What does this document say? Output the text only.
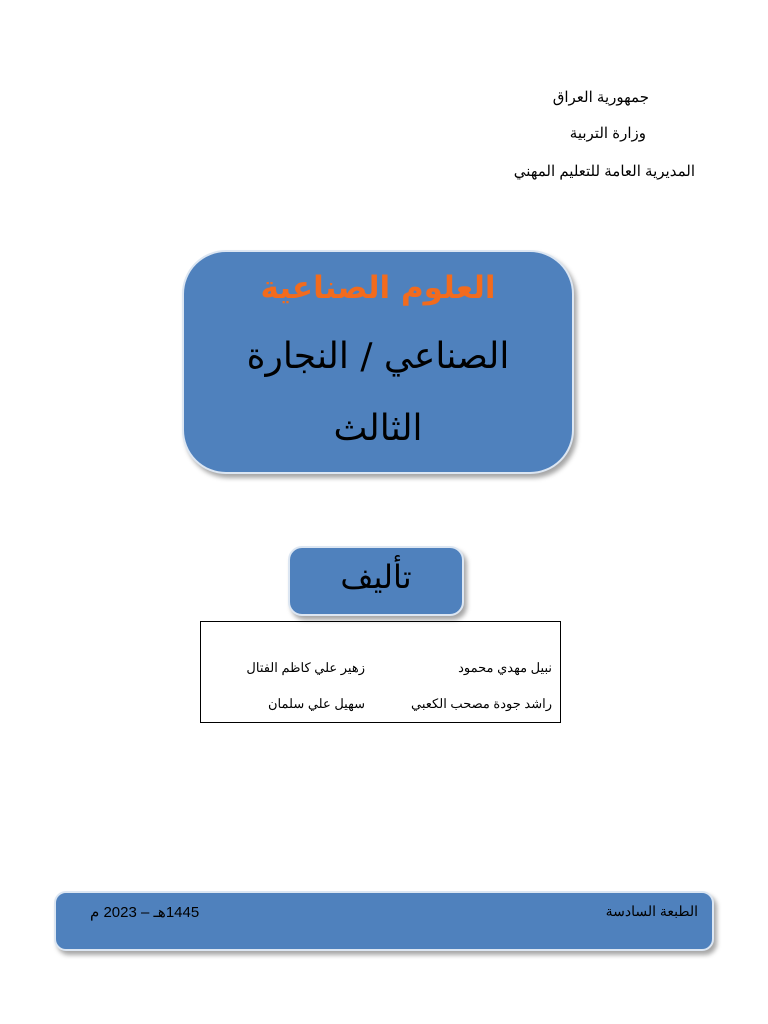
جمهورية العراق
وزارة التربية
المديرية العامة للتعليم المهني
العلوم الصناعية
الصناعي / النجارة
الثالث
تأليف
نبيل مهدي محمود
زهير علي كاظم الفتال
راشد جودة مصحب الكعبي
سهيل علي سلمان
الطبعة السادسة
1445هـ – 2023 م
